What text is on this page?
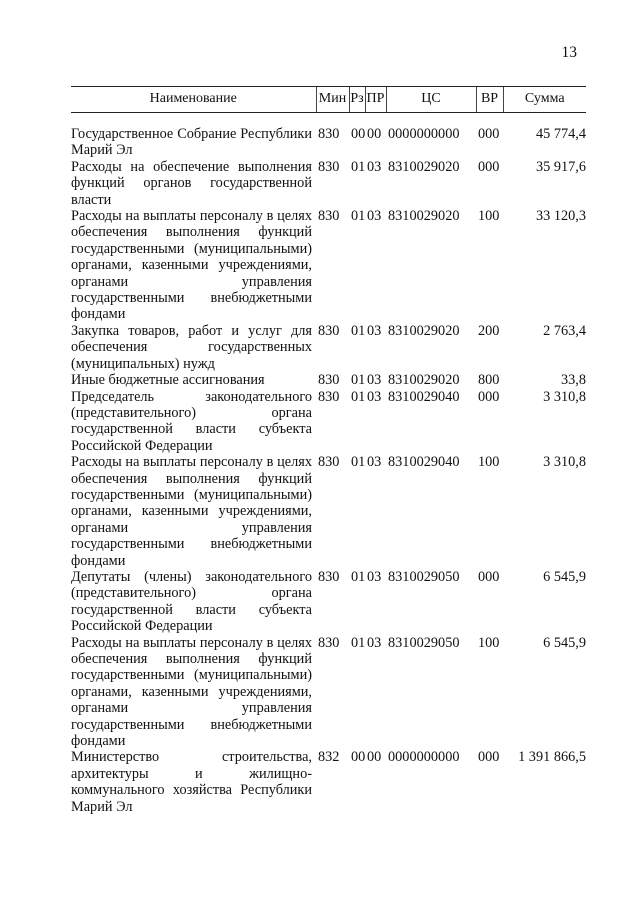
13
Наименование	Мин	Рз	ПР	ЦС	ВР	Сумма
Государственное Собрание Республики Марий Эл	830	00	00	0000000000	000	45 774,4
Расходы на обеспечение выполнения функций органов государственной власти	830	01	03	8310029020	000	35 917,6
Расходы на выплаты персоналу в целях обеспечения выполнения функций государственными (муниципальными) органами, казенными учреждениями, органами управления государственными внебюджетными фондами	830	01	03	8310029020	100	33 120,3
Закупка товаров, работ и услуг для обеспечения государственных (муниципальных) нужд	830	01	03	8310029020	200	2 763,4
Иные бюджетные ассигнования	830	01	03	8310029020	800	33,8
Председатель законодательного (представительного) органа государственной власти субъекта Российской Федерации	830	01	03	8310029040	000	3 310,8
Расходы на выплаты персоналу в целях обеспечения выполнения функций государственными (муниципальными) органами, казенными учреждениями, органами управления государственными внебюджетными фондами	830	01	03	8310029040	100	3 310,8
Депутаты (члены) законодательного (представительного) органа государственной власти субъекта Российской Федерации	830	01	03	8310029050	000	6 545,9
Расходы на выплаты персоналу в целях обеспечения выполнения функций государственными (муниципальными) органами, казенными учреждениями, органами управления государственными внебюджетными фондами	830	01	03	8310029050	100	6 545,9
Министерство строительства, архитектуры и жилищно-коммунального хозяйства Республики Марий Эл	832	00	00	0000000000	000	1 391 866,5
